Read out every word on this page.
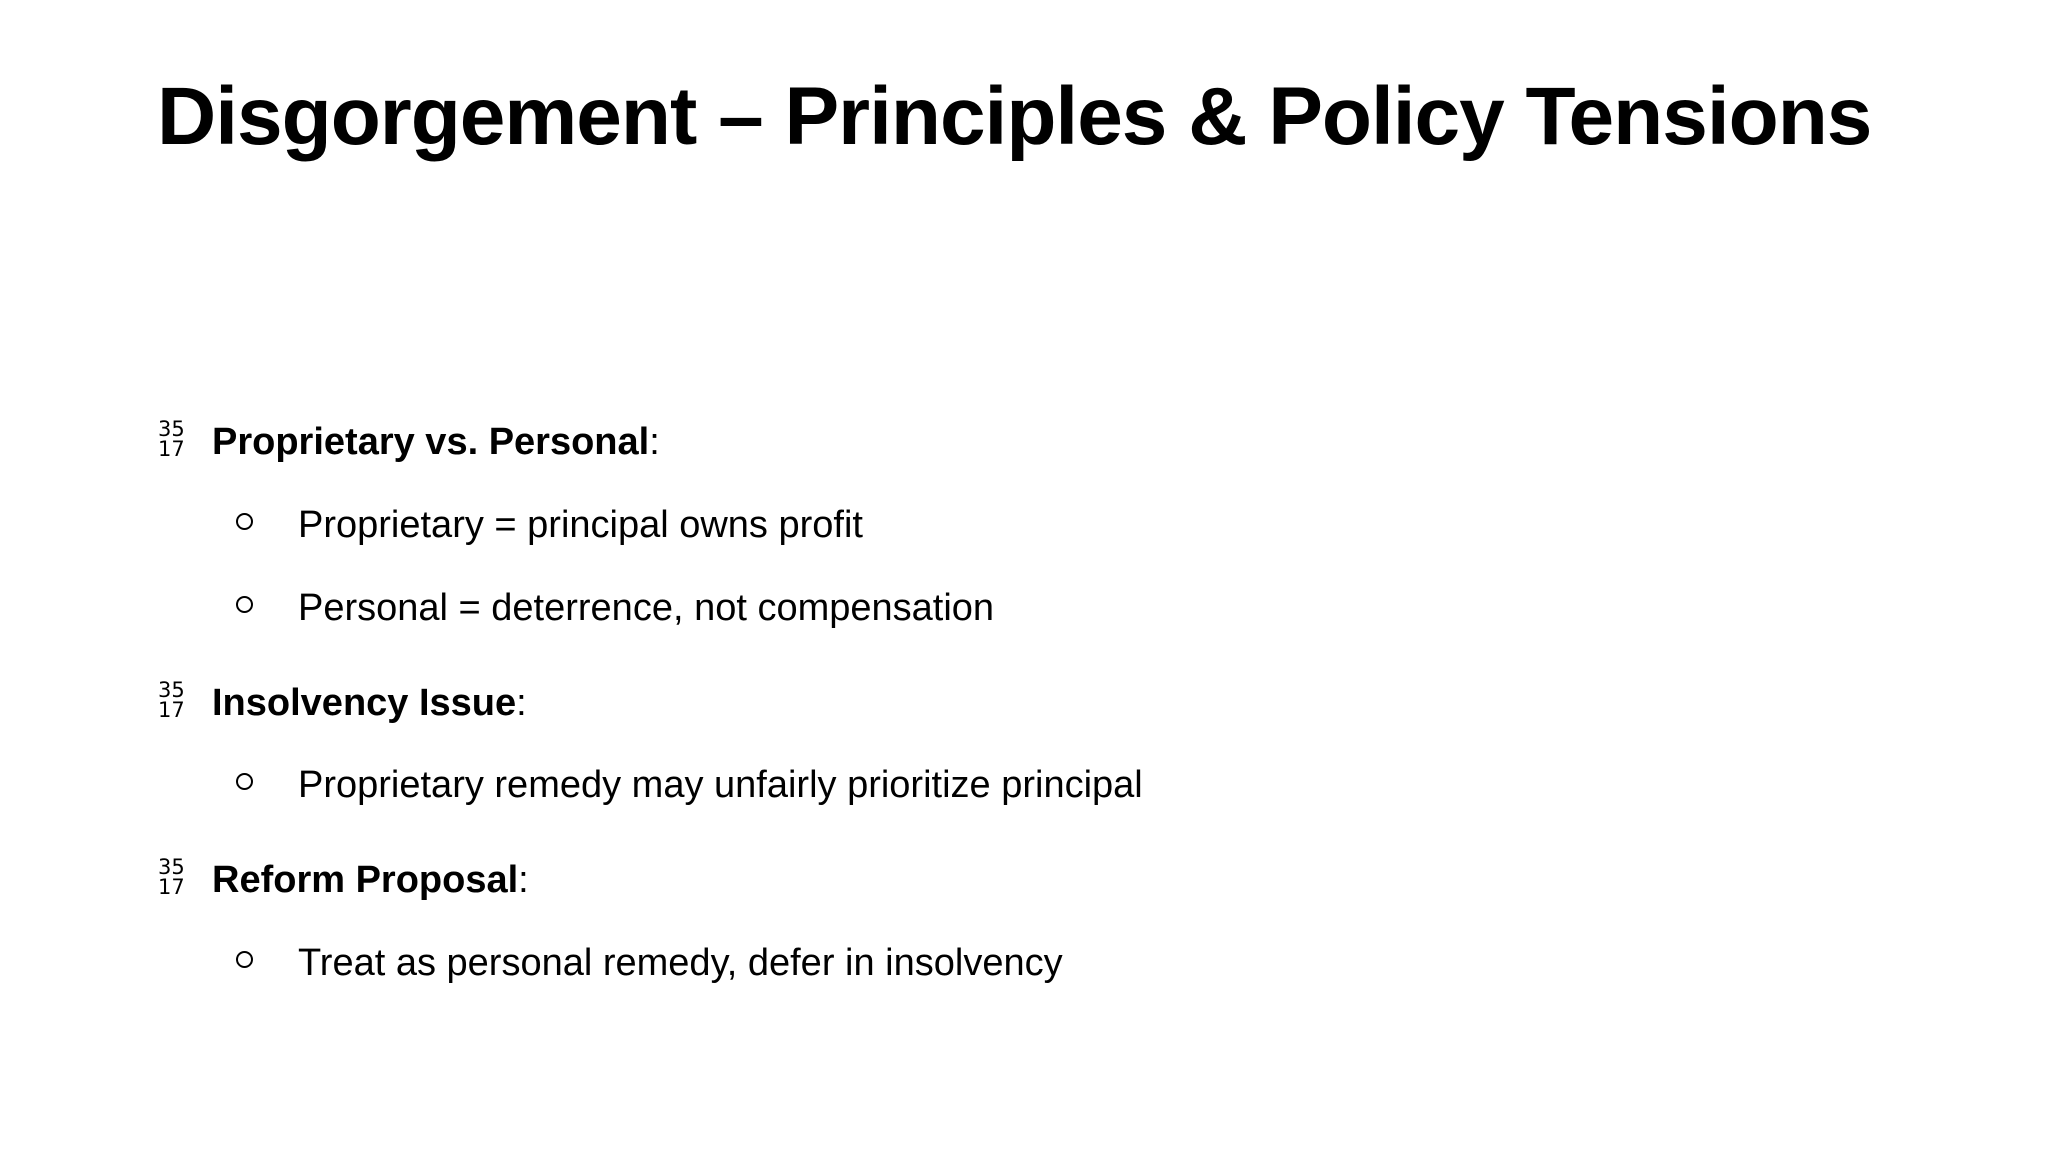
Disgorgement – Principles & Policy Tensions
35
17 Proprietary vs. Personal:
Proprietary = principal owns profit
Personal = deterrence, not compensation
35
17 Insolvency Issue:
Proprietary remedy may unfairly prioritize principal
35
17 Reform Proposal:
Treat as personal remedy, defer in insolvency
